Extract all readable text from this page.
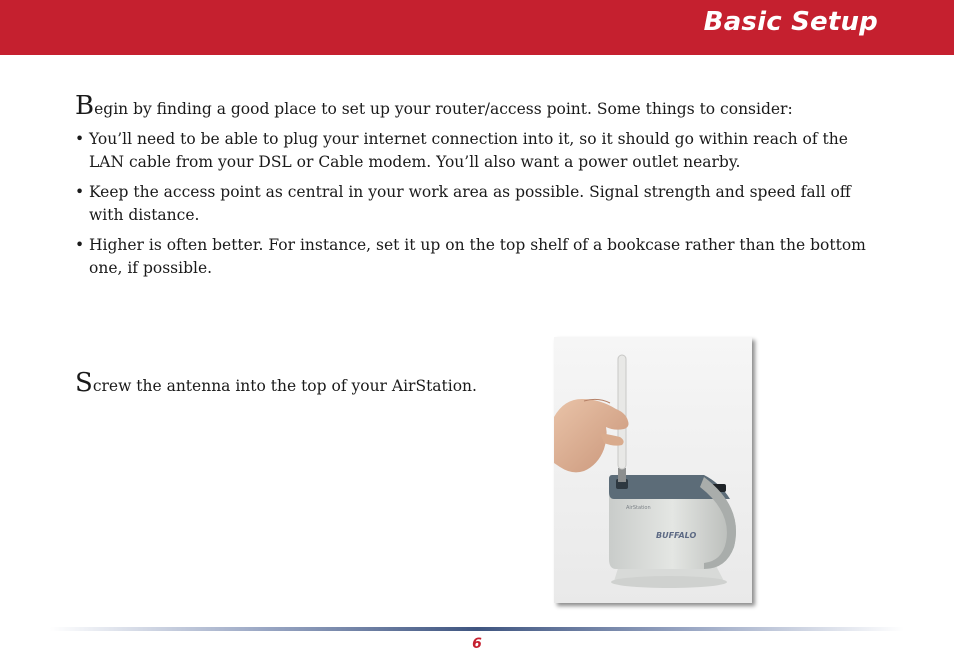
Basic Setup

Begin by finding a good place to set up your router/access point. Some things to consider:

• You’ll need to be able to plug your internet connection into it, so it should go within reach of the LAN cable from your DSL or Cable modem. You’ll also want a power outlet nearby.
• Keep the access point as central in your work area as possible. Signal strength and speed fall off with distance.
• Higher is often better. For instance, set it up on the top shelf of a bookcase rather than the bottom one, if possible.
Screw the antenna into the top of your AirStation.
AirStation
BUFFALO
6
